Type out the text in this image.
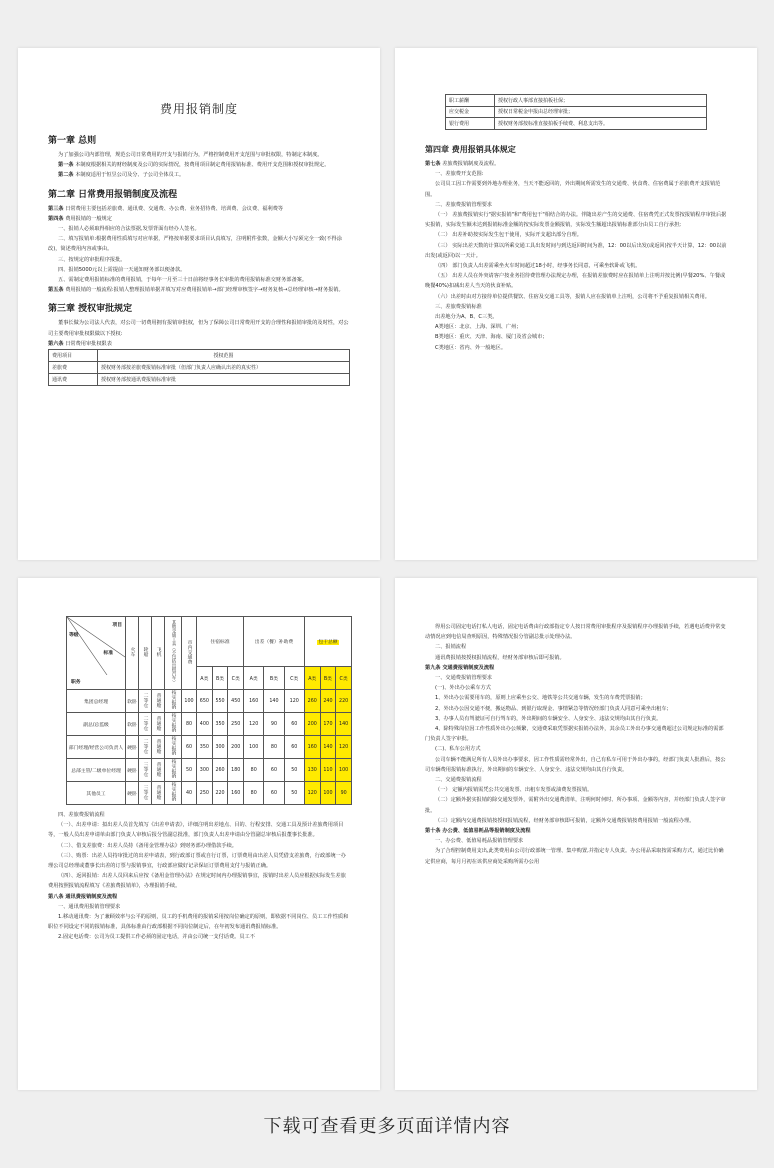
费用报销制度
第一章 总则

为了加强公司内部管理，规范公司日常费用的开支与报销行为，严格控制费用开支范围与审批权限，特制定本制度。

第一条 本制度根据相关的财经制度及公司的实际情况，按费用项目制定费用报销标准、费用开支范围和授权审批规定。

第二条 本制度适用于恒昱公司及分、子公司全体员工。

第二章 日常费用报销制度及流程

第三条 日常费用主要包括差旅费、通讯费、交通费、办公费、业务招待费、培训费、会议费、福利费等

第四条 费用报销的一般规定

一、报销人必须取得相应的合法票据,发票背面有经办人签名。

二、填写报销单:根据费用性质填写对应单据，严格按单据要求项目认真填写，注明附件张数，金额大小写须完全一致(不得涂改)，简述费用内容或事由。

三、按规定的审批程序报批。

四、报销5000元以上需提前一天通知财务部以便备款。

五、需制定费用报销标准的费用报销，于每年一月至三十日前将经事务长审批的费用报销标准交财务部备案。

第五条 费用报销的一般流程:报销人整理报销单据并填写对应费用报销单→部门经理审核签字→财务复核→总经理审核→财务报销。

第三章 授权审批规定

董事长做为公司法人代表，对公司一切费用拥有报销审批权，但为了保障公司日常费用开支的合理性和报销审批的及时性，对公司主要费用审批权限做以下授权:

第六条 日常费用审批权限表

费用项目	授权范围
差旅费	授权财务部按差旅费报销标准审批（但部门负责人应确认出差的真实性）
通讯费	授权财务部按通讯费报销标准审批
职工薪酬	授权行政人事部直接拍板社保；
应交税金	授权日常税金申报由总经理审批；
银行费用	授权财务部按标准直接拍板手续费、利息支出等。
第四章 费用报销具体规定

第七条 差旅费报销制度及流程。

一、差旅费开支范围:

公司员工因工作需要到外地办理业务，当天不能返回的，外出期间所需发生的交通费、伙食费、住宿费属于差旅费开支报销范围。

二、差旅费报销管理要求

（一） 差旅费报销实行"据实报销"和"费用包干"相结合的办法。伴随出差产生的交通费、住宿费凭正式发票按报销程序审批后据实报销，实际发生额未达到报销标准金额的按实际发票金额报销，实际发生额超出报销标准部分由员工自行承担;

（二） 出差补助按实际发生包干使用，实际开支超出部分自理。

（三） 实际出差天数的计算以所乘交通工具出发时间与到达返回时间为准，12：00以后出发(或返回)按半天计算，12：00以前出发(或返回)以一天计。

（四） 部门负责人出差需乘坐火车时间超过18小时，经事务长同意，可乘坐软卧或飞机。

（五） 出差人员在外突请客户按业务招待费管理办法规定办理，在报销差旅费时应在报销单上注明并按比例(早餐20%、午餐或晚餐40%)扣减出差人当天的伙食补贴。

（六）出差时由对方接待单位提供餐饮、住宿及交通工具等，报销人应在报销单上注明，公司将不予重复报销相关费用。

三、差旅费报销标准

出差地分为A、B、C三类。

A类地区：北京、上海、深圳、广州；

B类地区：重庆、天津、海南、厦门及省会城市；

C类地区：省内、外一般地区。

项目
等级
标准
职务	火车	轮船	飞机	其他交通工具（不包括出租汽车）	市内交通费	住宿标准			出差（餐）补助费			包干总额		
						A类	B类	C类	A类	B类	C类	A类	B类	C类
集团总经理	软卧	二等仓	普通舱	按实报销	100	650	550	450	160	140	120	260	240	220
副总/总监级	软卧	二等仓	普通舱	按实报销	80	400	350	250	120	90	60	200	170	140
部门经理/经营公司负责人	硬卧	二等仓	普通舱	按实报销	60	350	300	200	100	80	60	160	140	120
总部主管/二级单位经理	硬卧	三等仓	普通舱	按实报销	50	300	260	180	80	60	50	130	110	100
其他员工	硬卧	三等仓	普通舱	按实报销	40	250	220	160	80	60	50	120	100	90

四、差旅费报销流程

（一）、出差申请：拟出差人员首先填写《出差申请表》，详细注明出差地点、目的、行程安排、交通工具及预计差旅费用项目等，一般人员出差申请单由部门负责人审核后报分管副总批准，部门负责人出差申请由分管副总审核后报董事长批准。

（二）、借支差旅费：出差人员持《备用金管理办法》到财务部办理借款手续。

（三）、购票：出差人员持审批过的出差申请表，到行政部订票或自行订票，订票费用由出差人员凭借支差旅费，行政部统一办理公司总经理或董事长出差的订票与报销事宜，行政部应做好记录保证订票费用支付与报销正确。

（四）、返回报销：出差人员回来后应按《备用金管理办法》在规定时间内办理报销事宜，报销时出差人员应根据实际发生差旅费用按照报销流程填写《差旅费报销单》，办理报销手续。

第八条 通讯费报销制度及流程

一、通讯费用报销管理要求

1.移动通讯费：为了兼顾效率与公平的原则，员工的手机费用的报销采用按岗位确定的原则，即依据不同岗位、员工工作性质和职位不同设定不同的报销标准，具体标准由行政部根据不同岗位制定后，在年初发布通讯费报销标准。

2.固定电话费：公司为员工提供工作必须的固定电话，并由公司统一支付话费。员工不

得用公司固定电话打私人电话，固定电话费由行政部指定专人按日常费用审批程序及报销程序办理报销手续，若遇电话费异常变动情况应到电信局查明原因，特殊情况报分管副总批示处理办法。

二、报销流程

通讯费报销按授权报销流程，经财务部审核后即可报销。

第九条 交通费报销制度及流程

一、交通费报销管理要求

(一)、外出办公乘车方式

1、外出办公需要用车的，原则上应乘坐公交、地铁等公共交通车辆，发生的车费凭票报销；

2、外出办公因交通不便，搬运物品、到银行取现金、事情紧急等情况经部门负责人同意可乘坐出租车；

3、办事人员有驾驶证可自行驾车的，外出期间的车辆安全、人身安全、违法交规均由其自行负责。

4、除特殊岗位因工作性质外出办公频繁，交通费采取凭票据实报销办法外，其余员工外出办事交通费超过公司规定标准的需部门负责人签字审批。

(二)、私车公用方式

公司车辆不能满足所有人员外出办事要求，因工作性质需经常外出，自己有私车可用于外出办事的，经部门负责人批准后，按公司车辆费用报销标准执行，外出期间的车辆安全、人身安全、违法交规均由其自行负责。

二、交通费报销流程

（一） 定额内报销需凭公共交通发票、出租车发票或油费发票报销。

（二）定额外据实报销的除交通发票外，需附外出交通费清单，注明何时何时、所办事项、金额等内容，并经部门负责人签字审批。

（三）定额内交通费报销按授权报销流程，经财务部审核即可报销，定额外交通费报销按费用报销一般流程办理。

第十条 办公费、低值易耗品等报销制度及流程

一、办公费、低值易耗品报销管理要求

为了合理控制费用支出,此类费用由公司行政部统一管理、集中购置,并指定专人负责。办公用品采取按需采购方式，通过比价确定供应商，每月月初在该供应商处采购所需办公用

下载可查看更多页面详情内容
